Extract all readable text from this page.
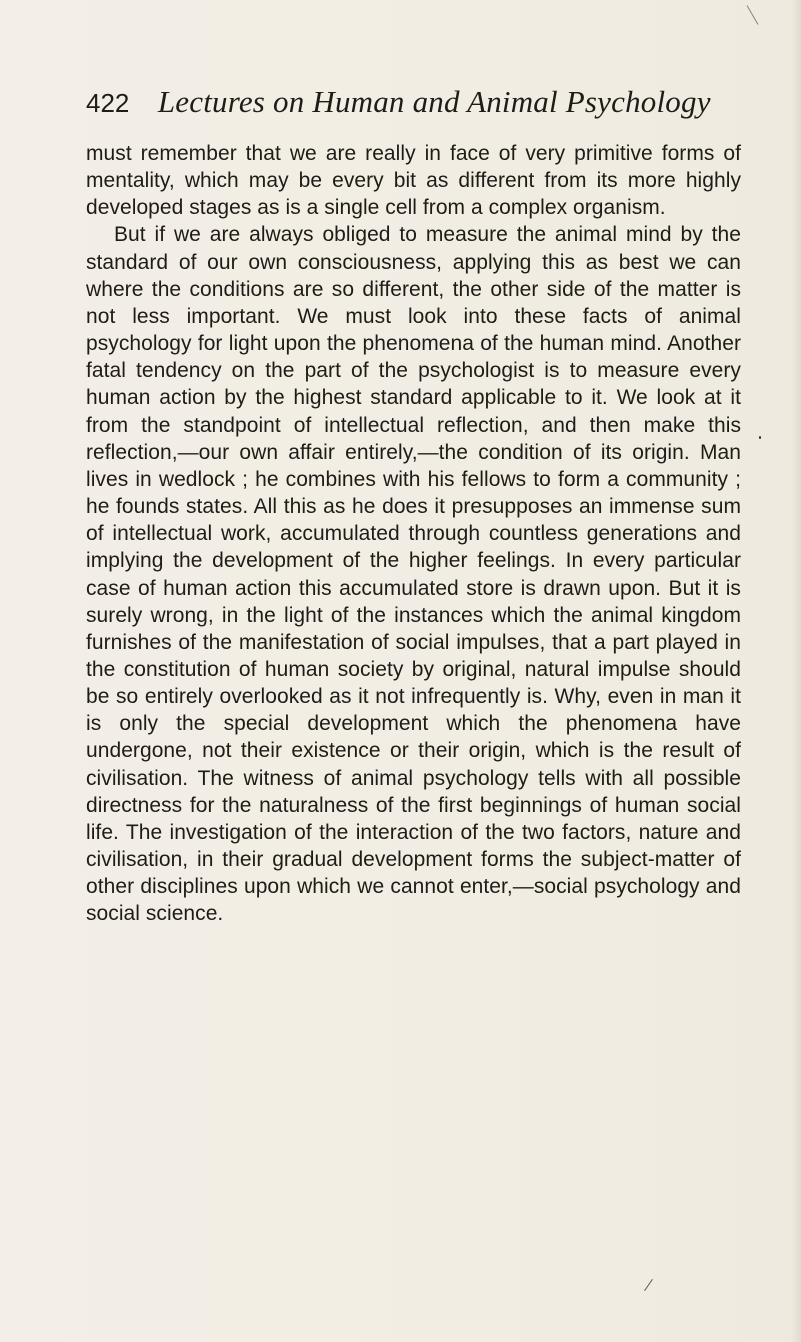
422 Lectures on Human and Animal Psychology

must remember that we are really in face of very primitive forms of mentality, which may be every bit as different from its more highly developed stages as is a single cell from a complex organism.

But if we are always obliged to measure the animal mind by the standard of our own consciousness, applying this as best we can where the conditions are so different, the other side of the matter is not less important. We must look into these facts of animal psychology for light upon the phenomena of the human mind. Another fatal tendency on the part of the psychologist is to measure every human action by the highest standard applicable to it. We look at it from the standpoint of intellectual reflection, and then make this reflection,—our own affair entirely,—the condition of its origin. Man lives in wedlock ; he combines with his fellows to form a community ; he founds states. All this as he does it presupposes an immense sum of intellectual work, accumulated through countless generations and implying the development of the higher feelings. In every particular case of human action this accumulated store is drawn upon. But it is surely wrong, in the light of the instances which the animal kingdom furnishes of the manifestation of social impulses, that a part played in the constitution of human society by original, natural impulse should be so entirely overlooked as it not infrequently is. Why, even in man it is only the special development which the phenomena have undergone, not their existence or their origin, which is the result of civilisation. The witness of animal psychology tells with all possible directness for the naturalness of the first beginnings of human social life. The investigation of the interaction of the two factors, nature and civilisation, in their gradual development forms the subject-matter of other disciplines upon which we cannot enter,—social psychology and social science.
